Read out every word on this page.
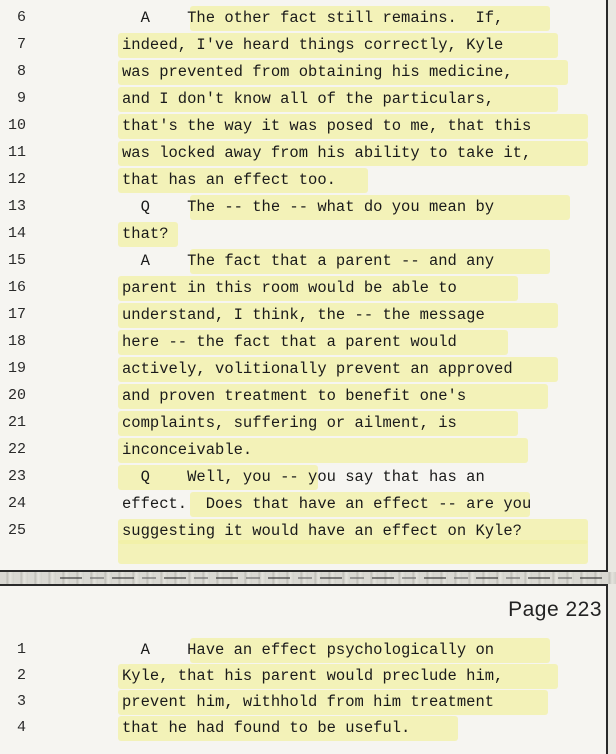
6	A    The other fact still remains.  If,
7	indeed, I've heard things correctly, Kyle
8	was prevented from obtaining his medicine,
9	and I don't know all of the particulars,
10	that's the way it was posed to me, that this
11	was locked away from his ability to take it,
12	that has an effect too.
13	Q    The -- the -- what do you mean by
14	that?
15	A    The fact that a parent -- and any
16	parent in this room would be able to
17	understand, I think, the -- the message
18	here -- the fact that a parent would
19	actively, volitionally prevent an approved
20	and proven treatment to benefit one's
21	complaints, suffering or ailment, is
22	inconceivable.
23	Q    Well, you -- you say that has an
24	effect.  Does that have an effect -- are you
25	suggesting it would have an effect on Kyle?
Page 223
1	A    Have an effect psychologically on
2	Kyle, that his parent would preclude him,
3	prevent him, withhold from him treatment
4	that he had found to be useful.
